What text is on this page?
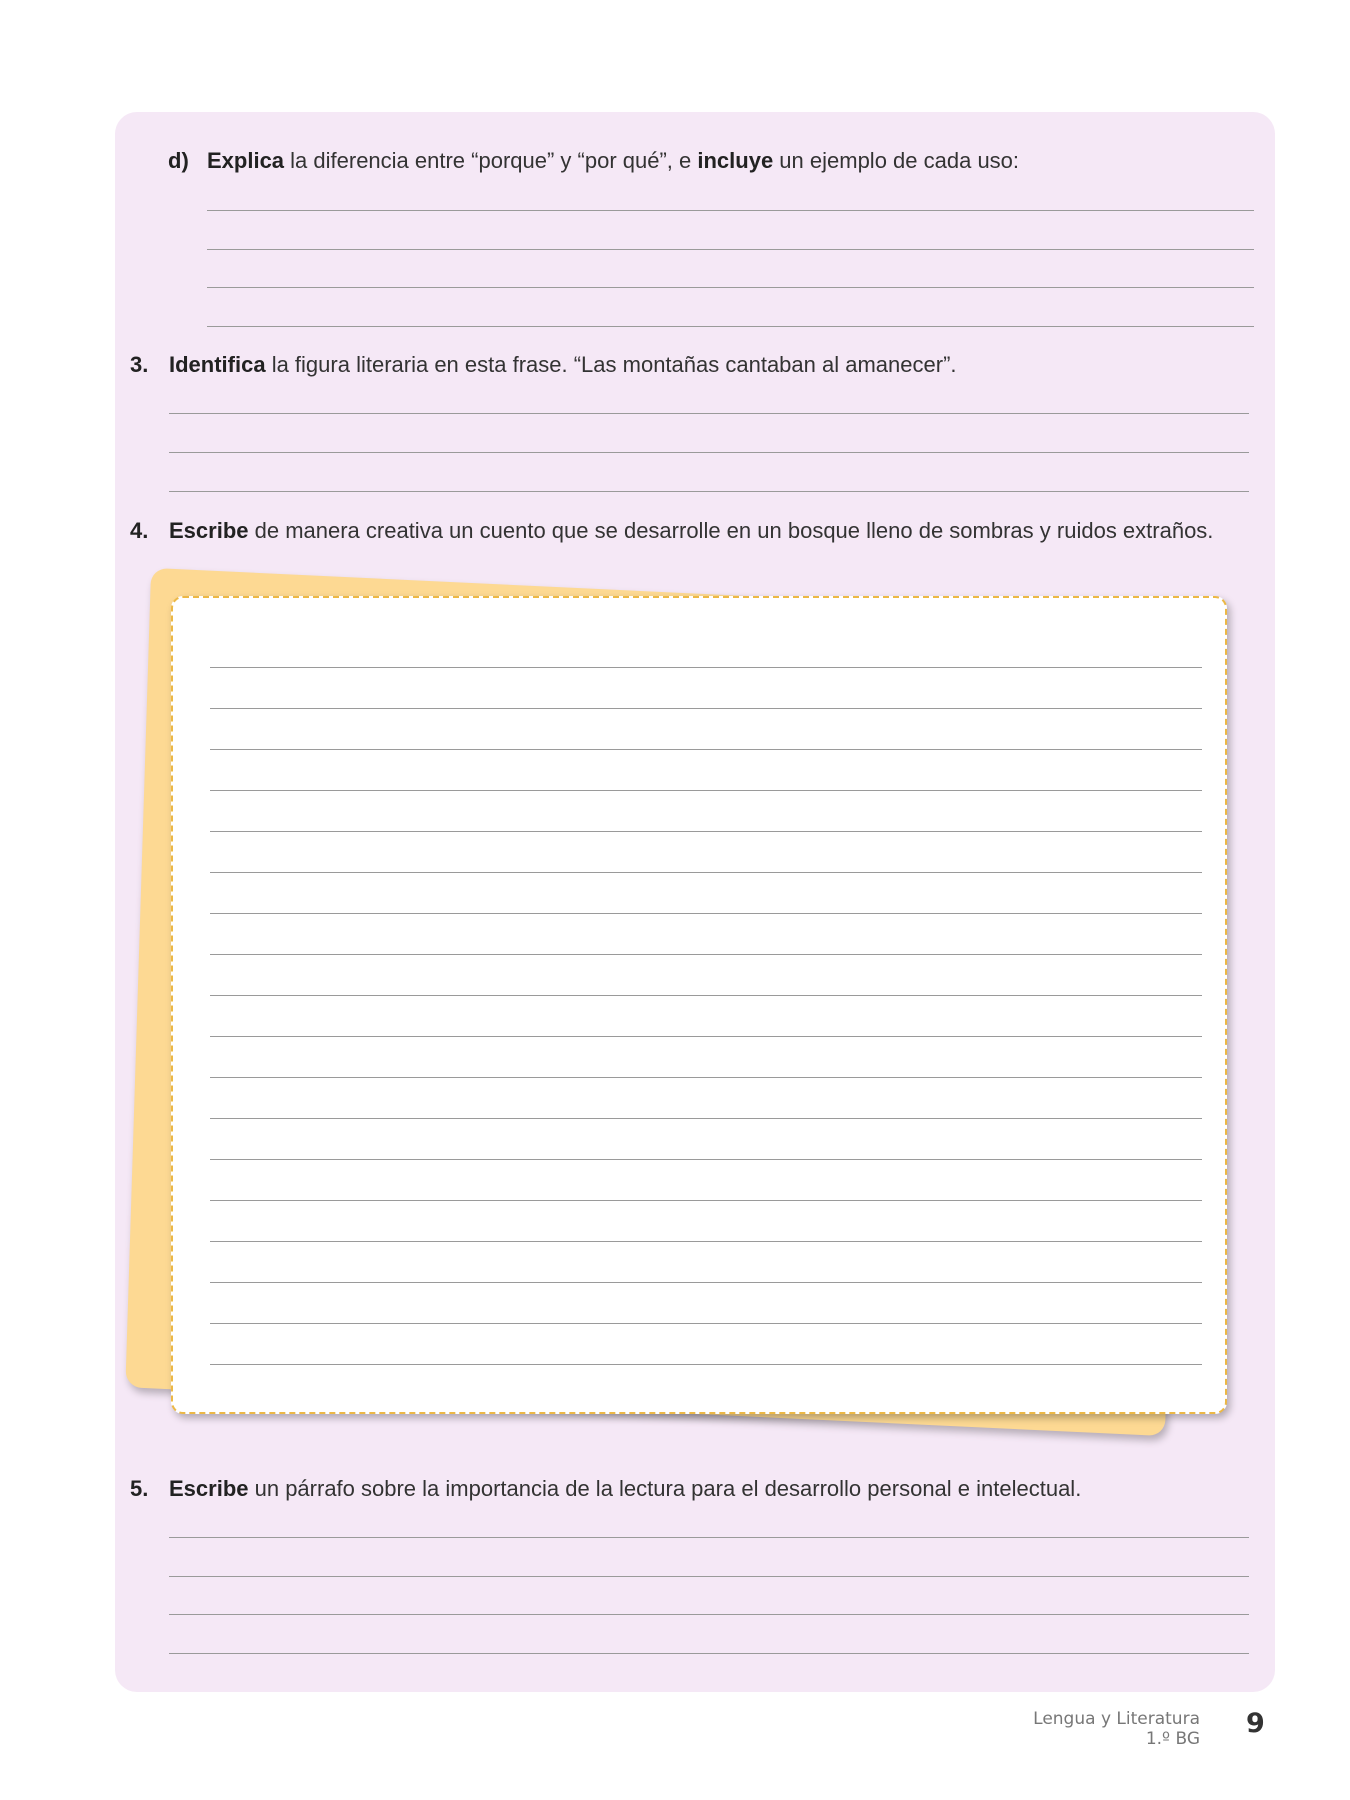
d) Explica la diferencia entre “porque” y “por qué”, e incluye un ejemplo de cada uso:
3. Identifica la figura literaria en esta frase. “Las montañas cantaban al amanecer”.
4. Escribe de manera creativa un cuento que se desarrolle en un bosque lleno de sombras y ruidos extraños.
5. Escribe un párrafo sobre la importancia de la lectura para el desarrollo personal e intelectual.
Lengua y Literatura
1.º BG 9
